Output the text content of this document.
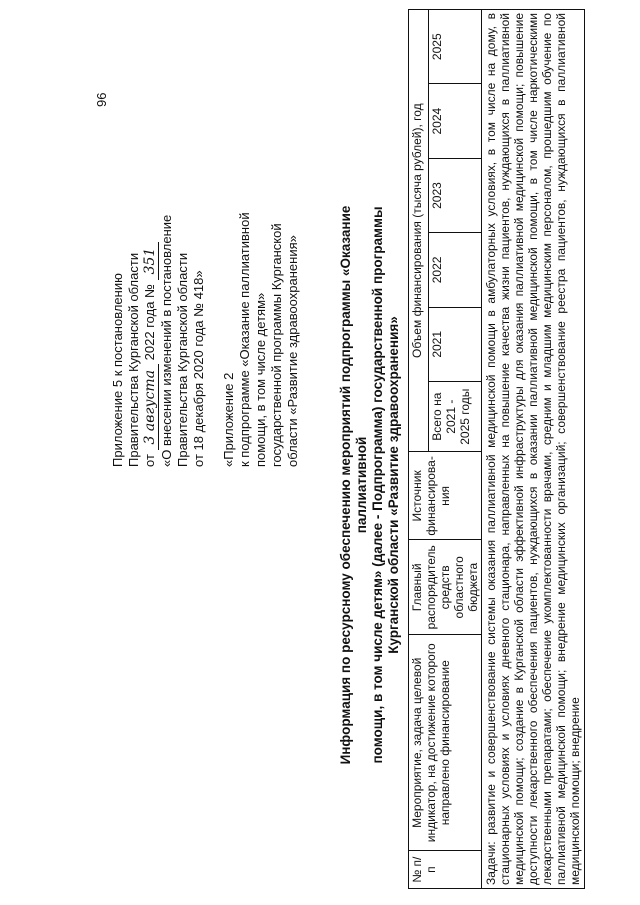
96
Приложение 5 к постановлению Правительства Курганской области от 3 августа 2022 года № 351 «О внесении изменений в постановление Правительства Курганской области от 18 декабря 2020 года № 418» «Приложение 2 к подпрограмме «Оказание паллиативной помощи, в том числе детям» государственной программы Курганской области «Развитие здравоохранения»	Информация по ресурсному обеспечению мероприятий подпрограммы «Оказание паллиативной помощи, в том числе детям» (далее - Подпрограмма) государственной программы Курганской области «Развитие здравоохранения»
№ п/п	Мероприятие, задача целевой индикатор, на достижение которого направлено финансирование	Главный распорядитель средств областного бюджета	Источник финансирова-ния	Объем финансирования (тысяча рублей), год					
				Всего на 2021 - 2025 годы	2021	2022	2023	2024	2025
Задачи: развитие и совершенствование системы оказания паллиативной медицинской помощи в амбулаторных условиях, в том числе на дому, в стационарных условиях и условиях дневного стационара, направленных на повышение качества жизни пациентов, нуждающихся в паллиативной медицинской помощи; создание в Курганской области эффективной инфраструктуры для оказания паллиативной медицинской помощи; повышение доступности лекарственного обеспечения пациентов, нуждающихся в оказании паллиативной медицинской помощи, в том числе наркотическими лекарственными препаратами; обеспечение укомплектованности врачами, средним и младшим медицинским персоналом, прошедшим обучение по паллиативной медицинской помощи; внедрение медицинских организаций; совершенствование реестра пациентов, нуждающихся в паллиативной медицинской помощи; внедрение									
